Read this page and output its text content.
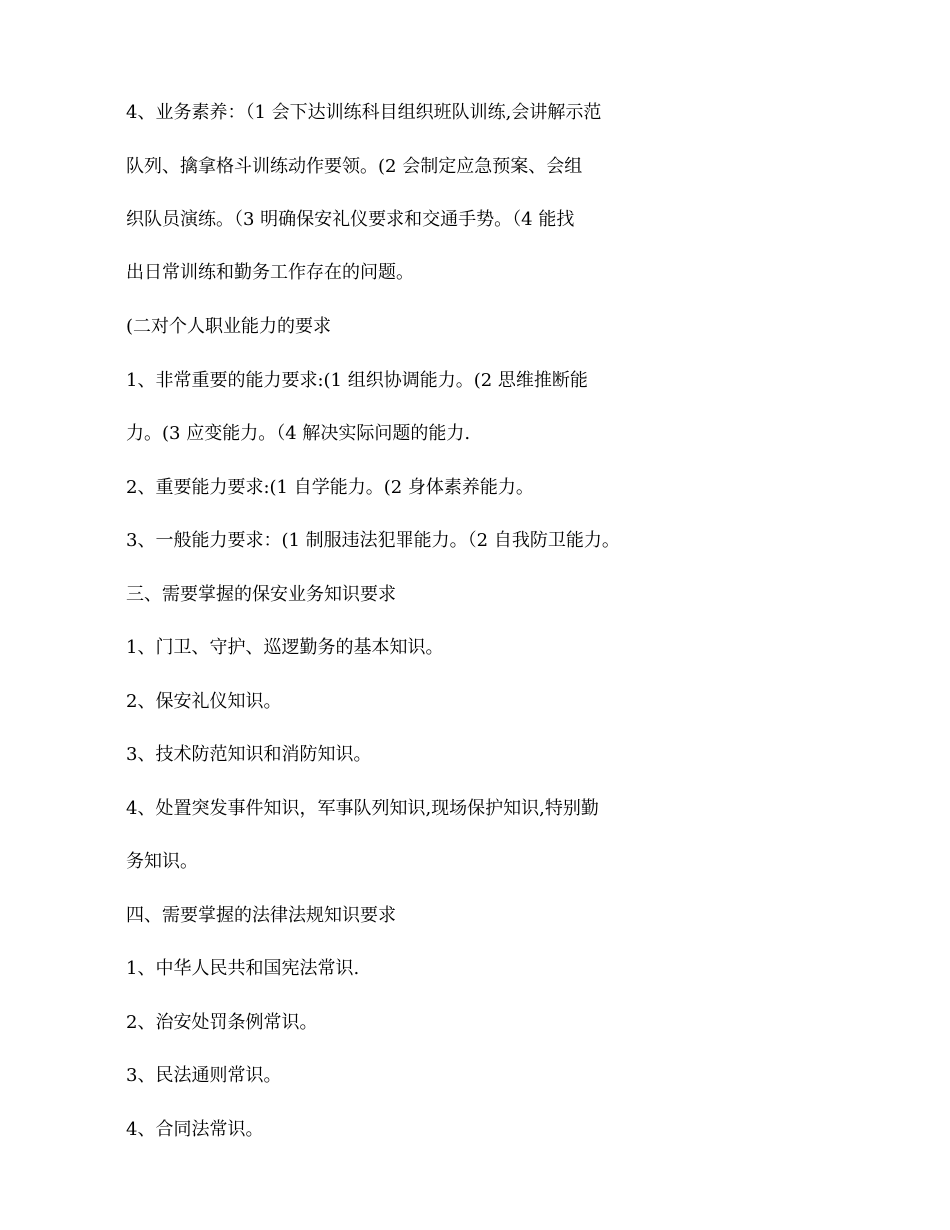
4、业务素养：（1 会下达训练科目组织班队训练,会讲解示范
队列、擒拿格斗训练动作要领。(2 会制定应急预案、会组
织队员演练。（3 明确保安礼仪要求和交通手势。（4 能找
出日常训练和勤务工作存在的问题。
(二对个人职业能力的要求
1、非常重要的能力要求:(1 组织协调能力。(2 思维推断能
力。(3 应变能力。（4 解决实际问题的能力.
2、重要能力要求:(1 自学能力。(2 身体素养能力。
3、一般能力要求：(1 制服违法犯罪能力。（2 自我防卫能力。
三、需要掌握的保安业务知识要求
1、门卫、守护、巡逻勤务的基本知识。
2、保安礼仪知识。
3、技术防范知识和消防知识。
4、处置突发事件知识，军事队列知识,现场保护知识,特别勤
务知识。
四、需要掌握的法律法规知识要求
1、中华人民共和国宪法常识.
2、治安处罚条例常识。
3、民法通则常识。
4、合同法常识。
